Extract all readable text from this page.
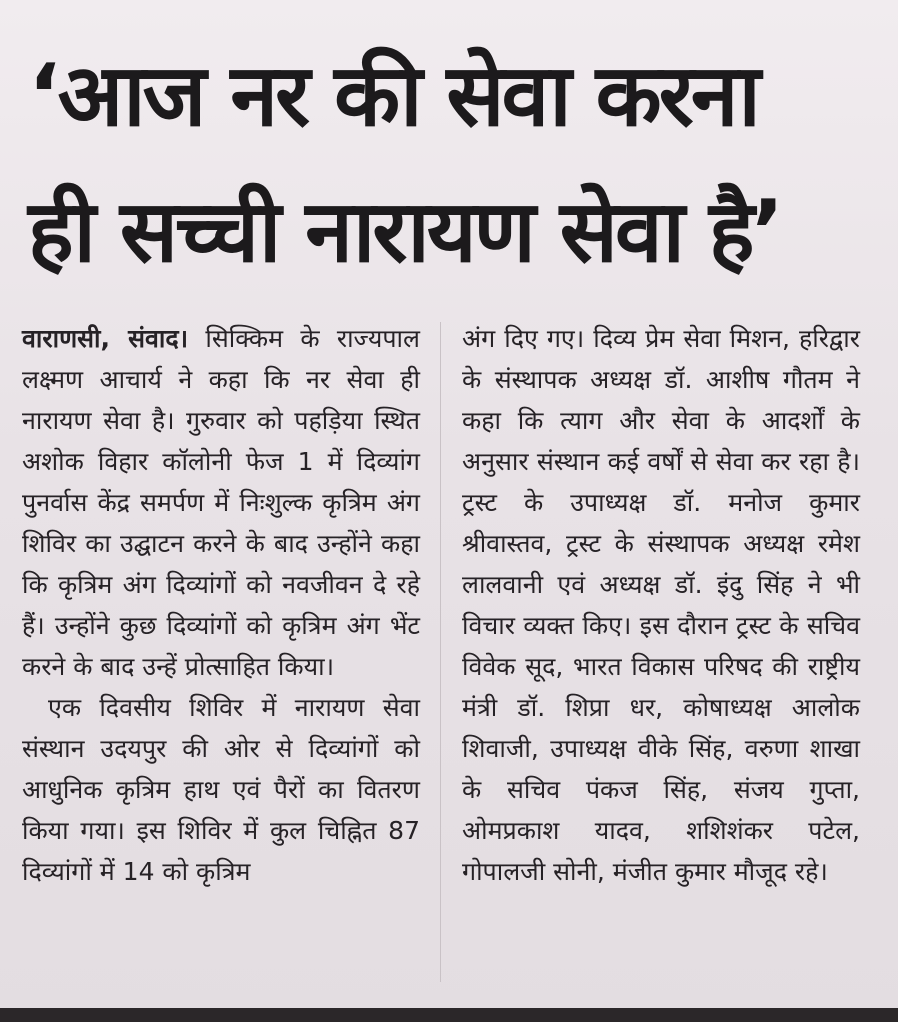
‘आज नर की सेवा करना
ही सच्ची नारायण सेवा है’

वाराणसी, संवाद। सिक्किम के राज्यपाल लक्ष्मण आचार्य ने कहा कि नर सेवा ही नारायण सेवा है। गुरुवार को पहड़िया स्थित अशोक विहार कॉलोनी फेज 1 में दिव्यांग पुनर्वास केंद्र समर्पण में निःशुल्क कृत्रिम अंग शिविर का उद्घाटन करने के बाद उन्होंने कहा कि कृत्रिम अंग दिव्यांगों को नवजीवन दे रहे हैं। उन्होंने कुछ दिव्यांगों को कृत्रिम अंग भेंट करने के बाद उन्हें प्रोत्साहित किया।

एक दिवसीय शिविर में नारायण सेवा संस्थान उदयपुर की ओर से दिव्यांगों को आधुनिक कृत्रिम हाथ एवं पैरों का वितरण किया गया। इस शिविर में कुल चिह्नित 87 दिव्यांगों में 14 को कृत्रिम

अंग दिए गए। दिव्य प्रेम सेवा मिशन, हरिद्वार के संस्थापक अध्यक्ष डॉ. आशीष गौतम ने कहा कि त्याग और सेवा के आदर्शों के अनुसार संस्थान कई वर्षों से सेवा कर रहा है। ट्रस्ट के उपाध्यक्ष डॉ. मनोज कुमार श्रीवास्तव, ट्रस्ट के संस्थापक अध्यक्ष रमेश लालवानी एवं अध्यक्ष डॉ. इंदु सिंह ने भी विचार व्यक्त किए। इस दौरान ट्रस्ट के सचिव विवेक सूद, भारत विकास परिषद की राष्ट्रीय मंत्री डॉ. शिप्रा धर, कोषाध्यक्ष आलोक शिवाजी, उपाध्यक्ष वीके सिंह, वरुणा शाखा के सचिव पंकज सिंह, संजय गुप्ता, ओमप्रकाश यादव, शशिशंकर पटेल, गोपालजी सोनी, मंजीत कुमार मौजूद रहे।
